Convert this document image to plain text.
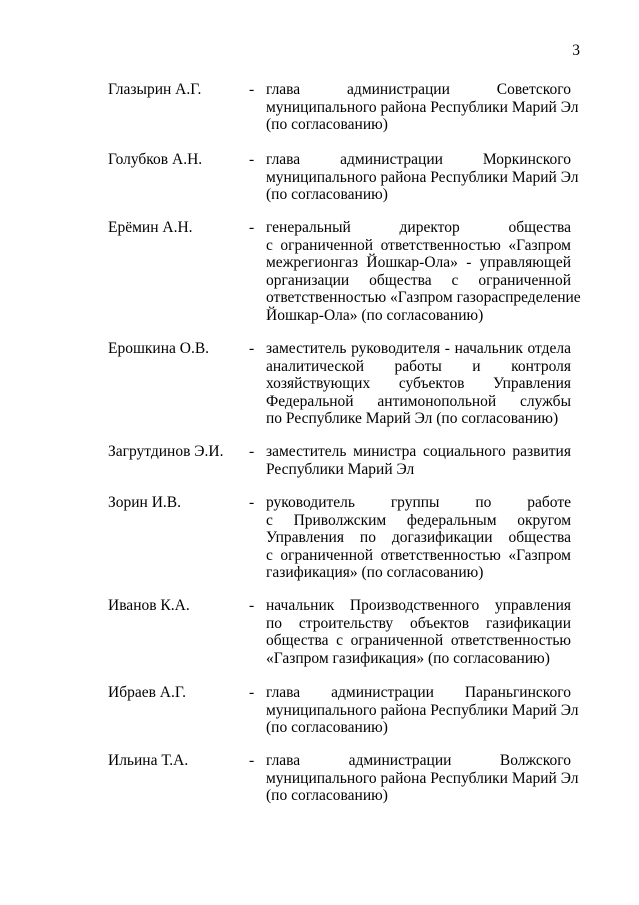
3
Глазырин А.Г.	- глава администрации Советского
муниципального района Республики Марий Эл
(по согласованию)
Голубков А.Н.	- глава администрации Моркинского
муниципального района Республики Марий Эл
(по согласованию)
Ерёмин А.Н.	- генеральный директор общества
с ограниченной ответственностью «Газпром
межрегионгаз Йошкар-Ола» - управляющей
организации общества с ограниченной
ответственностью «Газпром газораспределение
Йошкар-Ола» (по согласованию)
Ерошкина О.В.	- заместитель руководителя - начальник отдела
аналитической работы и контроля
хозяйствующих субъектов Управления
Федеральной антимонопольной службы
по Республике Марий Эл (по согласованию)
Загрутдинов Э.И. - заместитель министра социального развития
Республики Марий Эл
Зорин И.В.	- руководитель группы по работе
с Приволжским федеральным округом
Управления по догазификации общества
с ограниченной ответственностью «Газпром
газификация» (по согласованию)
Иванов К.А.	- начальник Производственного управления
по строительству объектов газификации
общества с ограниченной ответственностью
«Газпром газификация» (по согласованию)
Ибраев А.Г.	- глава администрации Параньгинского
муниципального района Республики Марий Эл
(по согласованию)
Ильина Т.А.	- глава администрации Волжского
муниципального района Республики Марий Эл
(по согласованию)
